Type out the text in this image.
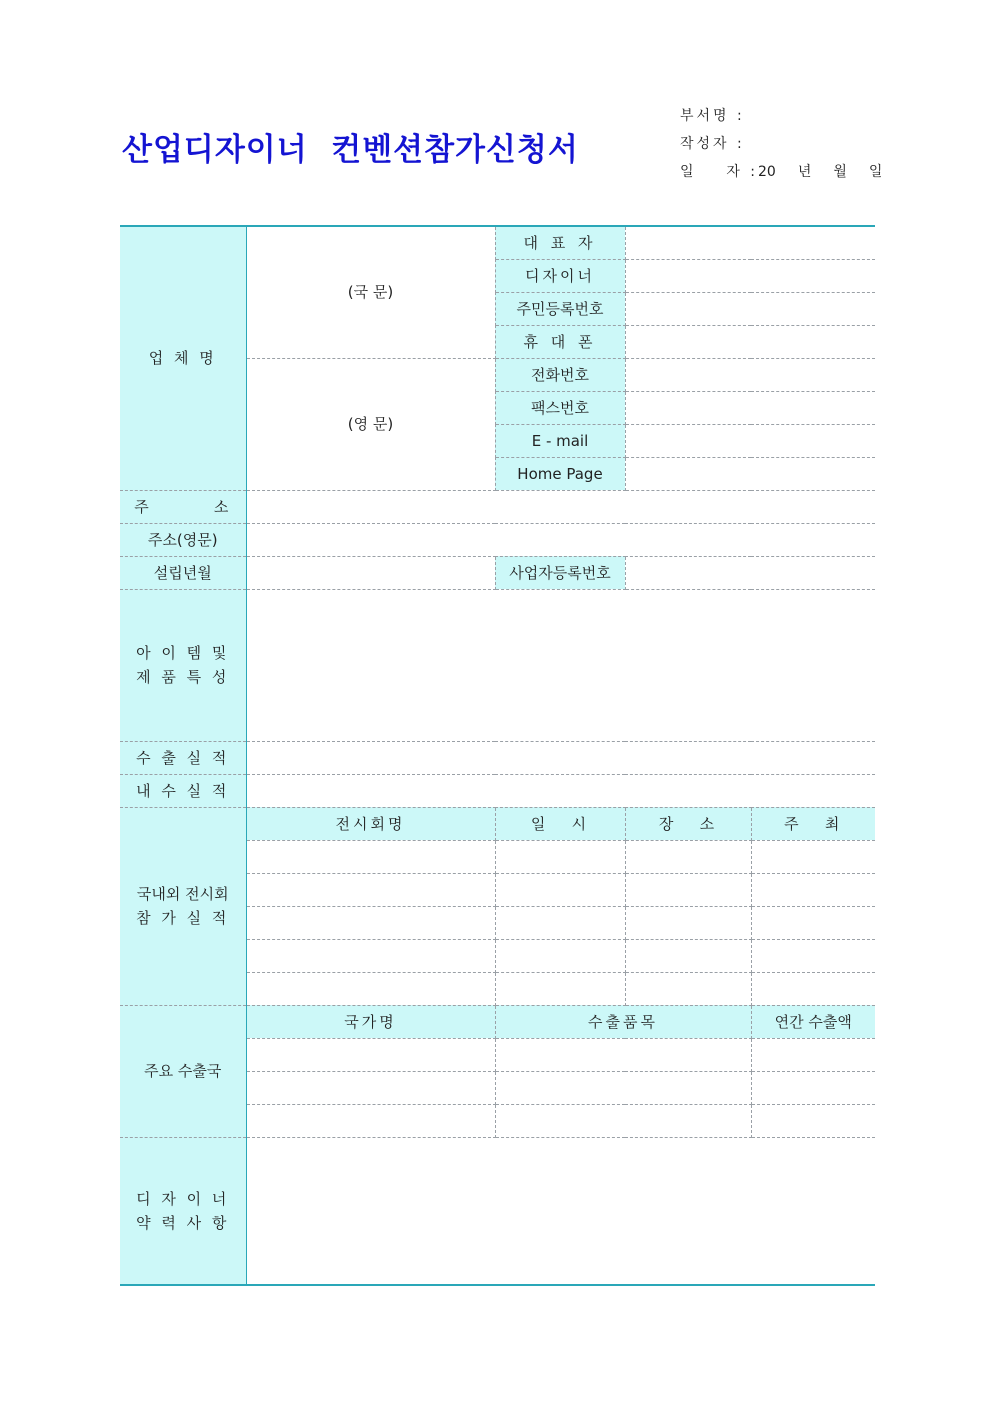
산업디자이너  컨벤션참가신청서
부서명 :
작성자 :
일    자 : 20 년 월 일
업 체 명	(국 문)	대 표 자		
		디자이너		
		주민등록번호		
		휴 대 폰		
	(영 문)	전화번호		
		팩스번호		
		E - mail		
		Home Page		
주        소				
주소(영문)				
설립년월		사업자등록번호		

아 이 템 및
제 품 특 성				

수 출 실 적				
내 수 실 적				

국내외 전시회
참 가 실 적	전시회명	일   시	장   소	주   최

주요 수출국	국가명	수출품목		연간 수출액

디 자 이 너
약 력 사 항				
